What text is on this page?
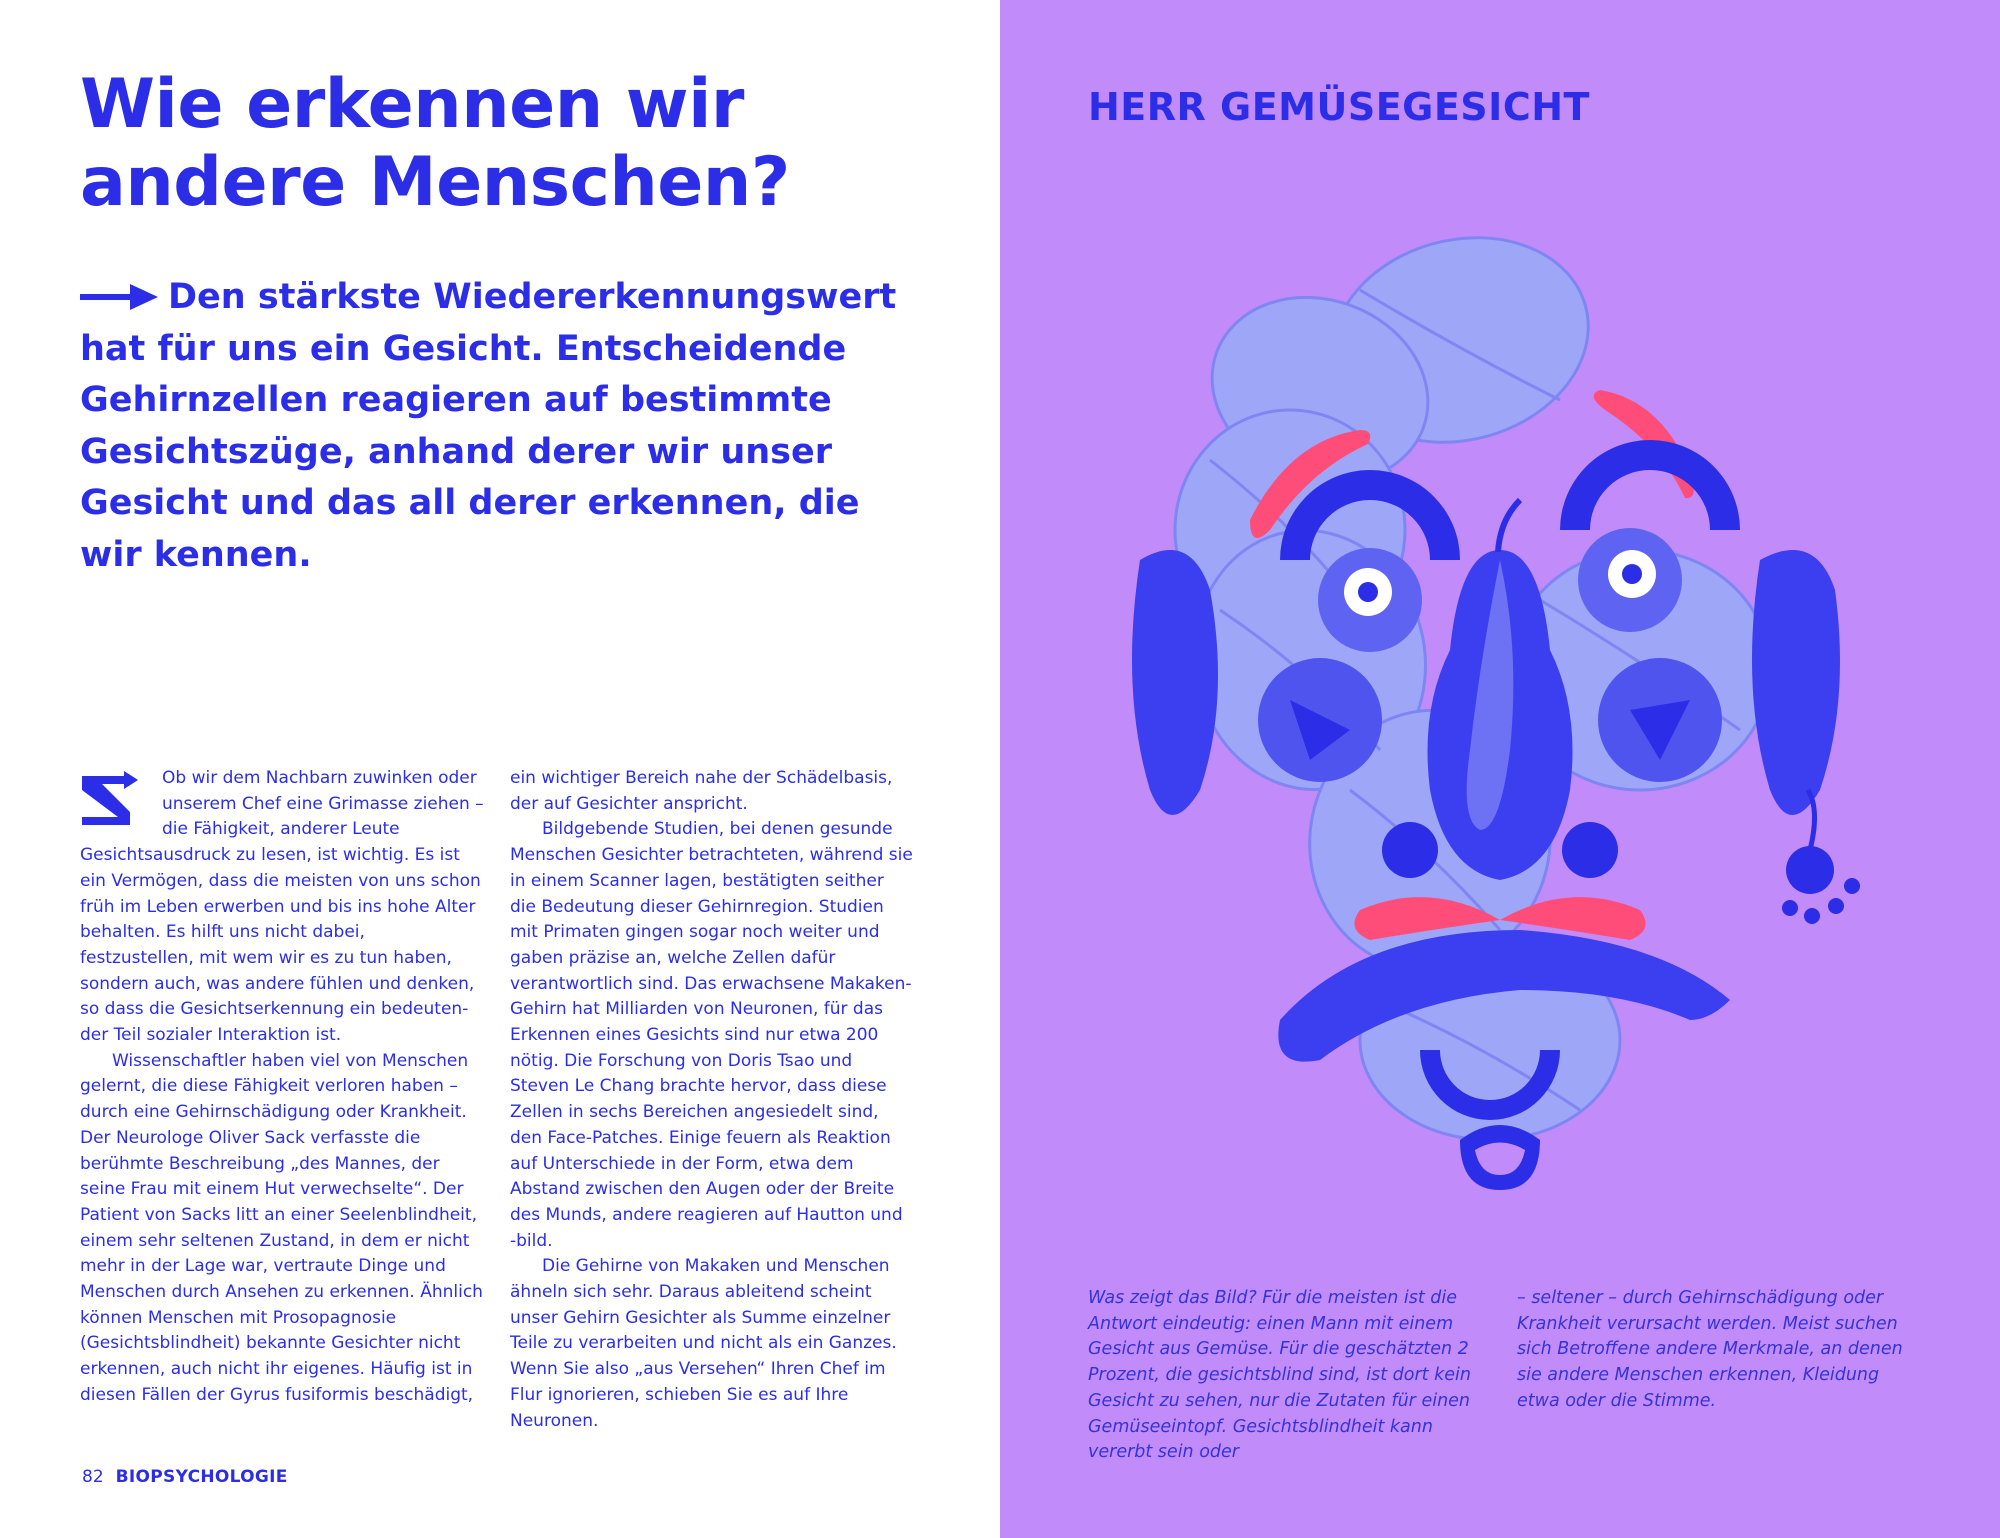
Wie erkennen wir
andere Menschen?

Den stärkste Wiedererkennungswert hat für uns ein Gesicht. Entscheidende Gehirnzellen reagieren auf bestimmte Gesichtszüge, anhand derer wir unser Gesicht und das all derer erkennen, die wir kennen.

Ob wir dem Nachbarn zuwinken oder unserem Chef eine Grimasse ziehen – die Fähigkeit, anderer Leute Gesichtsausdruck zu lesen, ist wichtig. Es ist ein Vermögen, dass die meisten von uns schon früh im Leben erwerben und bis ins hohe Alter behalten. Es hilft uns nicht dabei, festzustellen, mit wem wir es zu tun haben, sondern auch, was andere fühlen und denken, so dass die Gesichtserkennung ein bedeutender Teil sozialer Interaktion ist.

Wissenschaftler haben viel von Menschen gelernt, die diese Fähigkeit verloren haben – durch eine Gehirnschädigung oder Krankheit. Der Neurologe Oliver Sack verfasste die berühmte Beschreibung „des Mannes, der seine Frau mit einem Hut verwechselte“. Der Patient von Sacks litt an einer Seelenblindheit, einem sehr seltenen Zustand, in dem er nicht mehr in der Lage war, vertraute Dinge und Menschen durch Ansehen zu erkennen. Ähnlich können Menschen mit Prosopagnosie (Gesichtsblindheit) bekannte Gesichter nicht erkennen, auch nicht ihr eigenes. Häufig ist in diesen Fällen der Gyrus fusiformis beschädigt,

ein wichtiger Bereich nahe der Schädelbasis, der auf Gesichter anspricht.

Bildgebende Studien, bei denen gesunde Menschen Gesichter betrachteten, während sie in einem Scanner lagen, bestätigten seither die Bedeutung dieser Gehirnregion. Studien mit Primaten gingen sogar noch weiter und gaben präzise an, welche Zellen dafür verantwortlich sind. Das erwachsene Makaken-Gehirn hat Milliarden von Neuronen, für das Erkennen eines Gesichts sind nur etwa 200 nötig. Die Forschung von Doris Tsao und Steven Le Chang brachte hervor, dass diese Zellen in sechs Bereichen angesiedelt sind, den Face-Patches. Einige feuern als Reaktion auf Unterschiede in der Form, etwa dem Abstand zwischen den Augen oder der Breite des Munds, andere reagieren auf Hautton und -bild.

Die Gehirne von Makaken und Menschen ähneln sich sehr. Daraus ableitend scheint unser Gehirn Gesichter als Summe einzelner Teile zu verarbeiten und nicht als ein Ganzes. Wenn Sie also „aus Versehen“ Ihren Chef im Flur ignorieren, schieben Sie es auf Ihre Neuronen.

82 BIOPSYCHOLOGIE

HERR GEMÜSEGESICHT
Was zeigt das Bild? Für die meisten ist die Antwort eindeutig: einen Mann mit einem Gesicht aus Gemüse. Für die geschätzten 2 Prozent, die gesichtsblind sind, ist dort kein Gesicht zu sehen, nur die Zutaten für einen Gemüseeintopf. Gesichtsblindheit kann vererbt sein oder
– seltener – durch Gehirnschädigung oder Krankheit verursacht werden. Meist suchen sich Betroffene andere Merkmale, an denen sie andere Menschen erkennen, Kleidung etwa oder die Stimme.
